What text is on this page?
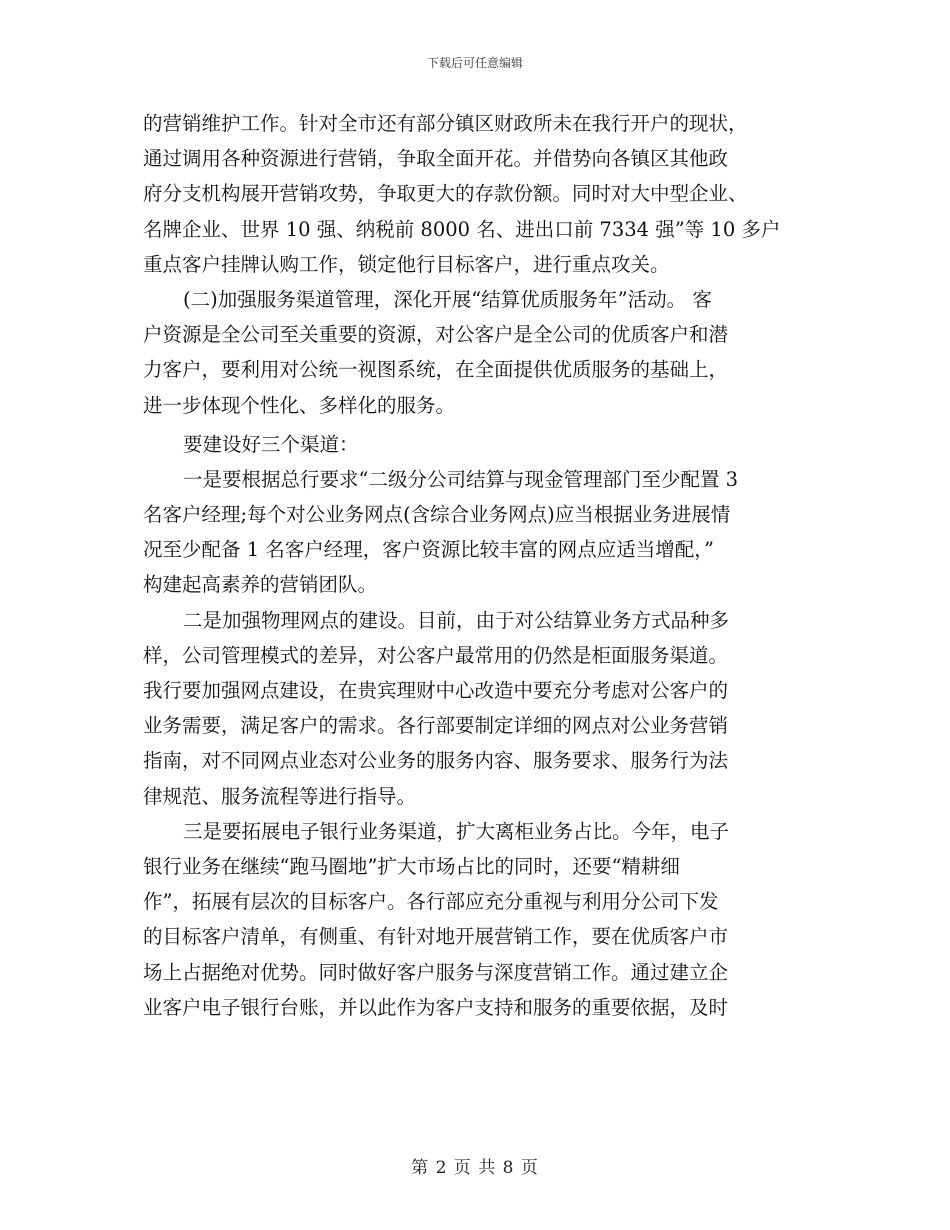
下载后可任意编辑
的营销维护工作。针对全市还有部分镇区财政所未在我行开户的现状，
通过调用各种资源进行营销，争取全面开花。并借势向各镇区其他政
府分支机构展开营销攻势，争取更大的存款份额。同时对大中型企业、
名牌企业、世界 10 强、纳税前 8000 名、进出口前 7334 强”等 10 多户
重点客户挂牌认购工作，锁定他行目标客户，进行重点攻关。
(二)加强服务渠道管理，深化开展“结算优质服务年”活动。 客
户资源是全公司至关重要的资源，对公客户是全公司的优质客户和潜
力客户，要利用对公统一视图系统，在全面提供优质服务的基础上，
进一步体现个性化、多样化的服务。
要建设好三个渠道：
一是要根据总行要求“二级分公司结算与现金管理部门至少配置 3
名客户经理;每个对公业务网点(含综合业务网点)应当根据业务进展情
况至少配备 1 名客户经理，客户资源比较丰富的网点应适当增配，”
构建起高素养的营销团队。
二是加强物理网点的建设。目前，由于对公结算业务方式品种多
样，公司管理模式的差异，对公客户最常用的仍然是柜面服务渠道。
我行要加强网点建设，在贵宾理财中心改造中要充分考虑对公客户的
业务需要，满足客户的需求。各行部要制定详细的网点对公业务营销
指南，对不同网点业态对公业务的服务内容、服务要求、服务行为法
律规范、服务流程等进行指导。
三是要拓展电子银行业务渠道，扩大离柜业务占比。今年，电子
银行业务在继续“跑马圈地”扩大市场占比的同时，还要“精耕细
作”，拓展有层次的目标客户。各行部应充分重视与利用分公司下发
的目标客户清单，有侧重、有针对地开展营销工作，要在优质客户市
场上占据绝对优势。同时做好客户服务与深度营销工作。通过建立企
业客户电子银行台账，并以此作为客户支持和服务的重要依据，及时
第 2 页 共 8 页
